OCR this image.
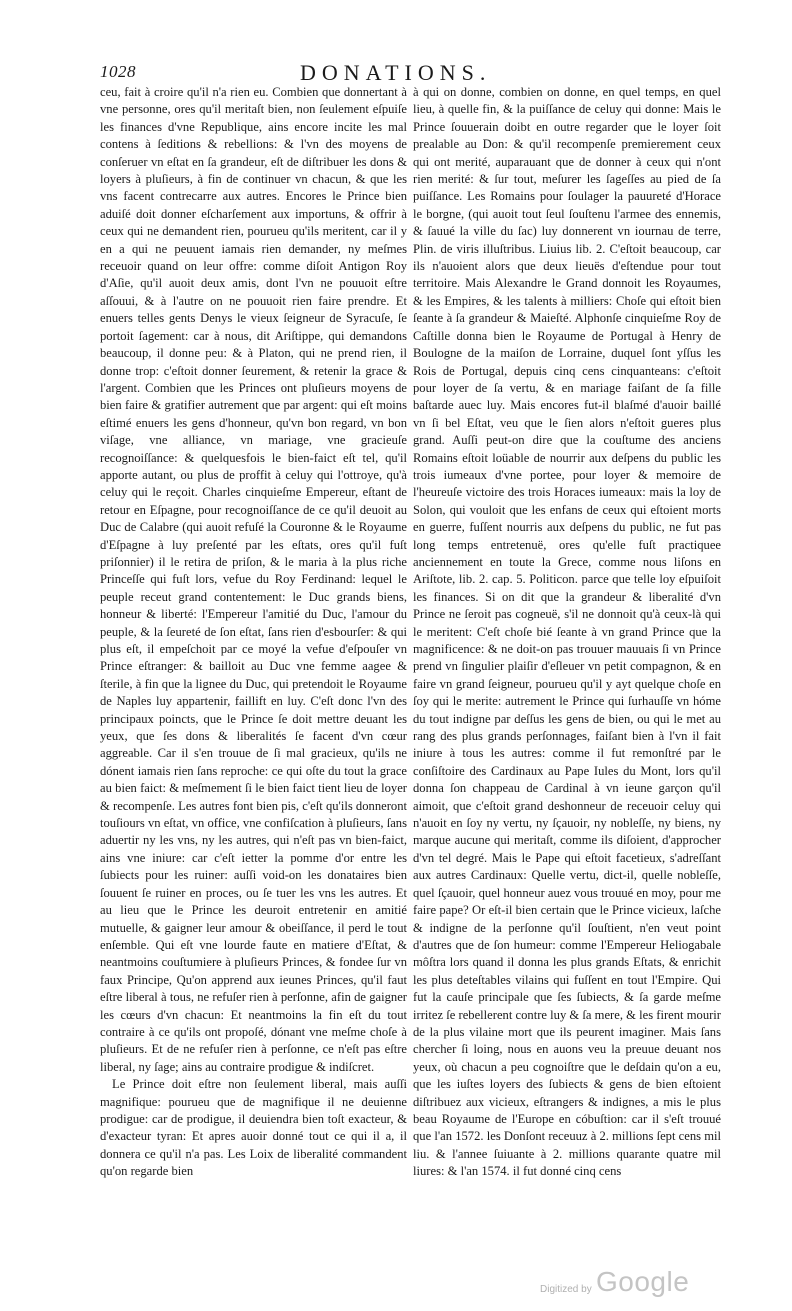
1028	DONATIONS.

ceu, fait à croire qu'il n'a rien eu. Combien que donnertant à vne personne, ores qu'il meritaſt bien, non ſeulement eſpuiſe les finances d'vne Republique, ains encore incite les mal contens à ſeditions & rebellions: & l'vn des moyens de conſeruer vn eſtat en ſa grandeur, eſt de diſtribuer les dons & loyers à pluſieurs, à fin de continuer vn chacun, & que les vns facent contrecarre aux autres. Encores le Prince bien aduiſé doit donner eſcharſement aux importuns, & offrir à ceux qui ne demandent rien, pourueu qu'ils meritent, car il y en a qui ne peuuent iamais rien demander, ny meſmes receuoir quand on leur offre: comme diſoit Antigon Roy d'Aſie, qu'il auoit deux amis, dont l'vn ne pouuoit eſtre aſſouui, & à l'autre on ne pouuoit rien faire prendre. Et enuers telles gents Denys le vieux ſeigneur de Syracuſe, ſe portoit ſagement: car à nous, dit Ariſtippe, qui demandons beaucoup, il donne peu: & à Platon, qui ne prend rien, il donne trop: c'eſtoit donner ſeurement, & retenir la grace & l'argent. Combien que les Princes ont pluſieurs moyens de bien faire & gratifier autrement que par argent: qui eſt moins eſtimé enuers les gens d'honneur, qu'vn bon regard, vn bon viſage, vne alliance, vn mariage, vne gracieuſe recognoiſſance: & quelquesfois le bien-faict eſt tel, qu'il apporte autant, ou plus de proffit à celuy qui l'ottroye, qu'à celuy qui le reçoit. Charles cinquieſme Empereur, eſtant de retour en Eſpagne, pour recognoiſſance de ce qu'il deuoit au Duc de Calabre (qui auoit refuſé la Couronne & le Royaume d'Eſpagne à luy preſenté par les eſtats, ores qu'il fuſt priſonnier) il le retira de priſon, & le maria à la plus riche Princeſſe qui fuſt lors, vefue du Roy Ferdinand: lequel le peuple receut grand contentement: le Duc grands biens, honneur & liberté: l'Empereur l'amitié du Duc, l'amour du peuple, & la ſeureté de ſon eſtat, ſans rien d'esbourſer: & qui plus eſt, il empeſchoit par ce moyé la vefue d'eſpouſer vn Prince eſtranger: & bailloit au Duc vne femme aagee & ſterile, à fin que la lignee du Duc, qui pretendoit le Royaume de Naples luy appartenir, faillift en luy. C'eſt donc l'vn des principaux poincts, que le Prince ſe doit mettre deuant les yeux, que ſes dons & liberalités ſe facent d'vn cœur aggreable. Car il s'en trouue de ſi mal gracieux, qu'ils ne dónent iamais rien ſans reproche: ce qui oſte du tout la grace au bien faict: & meſmement ſi le bien faict tient lieu de loyer & recompenſe. Les autres font bien pis, c'eſt qu'ils donneront touſiours vn eſtat, vn office, vne confiſcation à pluſieurs, ſans aduertir ny les vns, ny les autres, qui n'eſt pas vn bien-faict, ains vne iniure: car c'eſt ietter la pomme d'or entre les ſubiects pour les ruiner: auſſi void-on les donataires bien ſouuent ſe ruiner en proces, ou ſe tuer les vns les autres. Et au lieu que le Prince les deuroit entretenir en amitié mutuelle, & gaigner leur amour & obeiſſance, il perd le tout enſemble. Qui eſt vne lourde faute en matiere d'Eſtat, & neantmoins couſtumiere à pluſieurs Princes, & fondee ſur vn faux Principe, Qu'on apprend aux ieunes Princes, qu'il faut eſtre liberal à tous, ne refuſer rien à perſonne, afin de gaigner les cœurs d'vn chacun: Et neantmoins la fin eſt du tout contraire à ce qu'ils ont propoſé, dónant vne meſme choſe à pluſieurs. Et de ne refuſer rien à perſonne, ce n'eſt pas eſtre liberal, ny ſage; ains au contraire prodigue & indiſcret.

Le Prince doit eſtre non ſeulement liberal, mais auſſi magnifique: pourueu que de magnifique il ne deuienne prodigue: car de prodigue, il deuiendra bien toſt exacteur, & d'exacteur tyran: Et apres auoir donné tout ce qui il a, il donnera ce qu'il n'a pas. Les Loix de liberalité commandent qu'on regarde bien

à qui on donne, combien on donne, en quel temps, en quel lieu, à quelle fin, & la puiſſance de celuy qui donne: Mais le Prince ſouuerain doibt en outre regarder que le loyer ſoit prealable au Don: & qu'il recompenſe premierement ceux qui ont merité, auparauant que de donner à ceux qui n'ont rien merité: & ſur tout, meſurer les ſageſſes au pied de ſa puiſſance. Les Romains pour ſoulager la pauureté d'Horace le borgne, (qui auoit tout ſeul ſouſtenu l'armee des ennemis, & ſauué la ville du ſac) luy donnerent vn iournau de terre, Plin. de viris illuſtribus. Liuius lib. 2. C'eſtoit beaucoup, car ils n'auoient alors que deux lieuës d'eſtendue pour tout territoire. Mais Alexandre le Grand donnoit les Royaumes, & les Empires, & les talents à milliers: Choſe qui eſtoit bien ſeante à ſa grandeur & Maieſté. Alphonſe cinquieſme Roy de Caſtille donna bien le Royaume de Portugal à Henry de Boulogne de la maiſon de Lorraine, duquel ſont yſſus les Rois de Portugal, depuis cinq cens cinquanteans: c'eſtoit pour loyer de ſa vertu, & en mariage faiſant de ſa fille baſtarde auec luy. Mais encores fut-il blaſmé d'auoir baillé vn ſi bel Eſtat, veu que le ſien alors n'eſtoit gueres plus grand. Auſſi peut-on dire que la couſtume des anciens Romains eſtoit loüable de nourrir aux deſpens du public les trois iumeaux d'vne portee, pour loyer & memoire de l'heureuſe victoire des trois Horaces iumeaux: mais la loy de Solon, qui vouloit que les enfans de ceux qui eſtoient morts en guerre, fuſſent nourris aux deſpens du public, ne fut pas long temps entretenuë, ores qu'elle fuſt practiquee anciennement en toute la Grece, comme nous liſons en Ariſtote, lib. 2. cap. 5. Politicon. parce que telle loy eſpuiſoit les finances. Si on dit que la grandeur & liberalité d'vn Prince ne ſeroit pas cogneuë, s'il ne donnoit qu'à ceux-là qui le meritent: C'eſt choſe bié ſeante à vn grand Prince que la magnificence: & ne doit-on pas trouuer mauuais ſi vn Prince prend vn ſingulier plaiſir d'eſleuer vn petit compagnon, & en faire vn grand ſeigneur, pourueu qu'il y ayt quelque choſe en ſoy qui le merite: autrement le Prince qui ſurhauſſe vn hóme du tout indigne par deſſus les gens de bien, ou qui le met au rang des plus grands perſonnages, faiſant bien à l'vn il fait iniure à tous les autres: comme il fut remonſtré par le conſiſtoire des Cardinaux au Pape Iules du Mont, lors qu'il donna ſon chappeau de Cardinal à vn ieune garçon qu'il aimoit, que c'eſtoit grand deshonneur de receuoir celuy qui n'auoit en ſoy ny vertu, ny ſçauoir, ny nobleſſe, ny biens, ny marque aucune qui meritaſt, comme ils diſoient, d'approcher d'vn tel degré. Mais le Pape qui eſtoit facetieux, s'adreſſant aux autres Cardinaux: Quelle vertu, dict-il, quelle nobleſſe, quel ſçauoir, quel honneur auez vous trouué en moy, pour me faire pape? Or eſt-il bien certain que le Prince vicieux, laſche & indigne de la perſonne qu'il ſouſtient, n'en veut point d'autres que de ſon humeur: comme l'Empereur Heliogabale môſtra lors quand il donna les plus grands Eſtats, & enrichit les plus deteſtables vilains qui fuſſent en tout l'Empire. Qui fut la cauſe principale que ſes ſubiects, & ſa garde meſme irritez ſe rebellerent contre luy & ſa mere, & les firent mourir de la plus vilaine mort que ils peurent imaginer. Mais ſans chercher ſi loing, nous en auons veu la preuue deuant nos yeux, où chacun a peu cognoiſtre que le deſdain qu'on a eu, que les iuſtes loyers des ſubiects & gens de bien eſtoient diſtribuez aux vicieux, eſtrangers & indignes, a mis le plus beau Royaume de l'Europe en cóbuſtion: car il s'eſt trouué que l'an 1572. les Donſont receuuz à 2. millions ſept cens mil liu. & l'annee ſuiuante à 2. millions quarante quatre mil liures: & l'an 1574. il fut donné cinq cens

Digitized by Google
